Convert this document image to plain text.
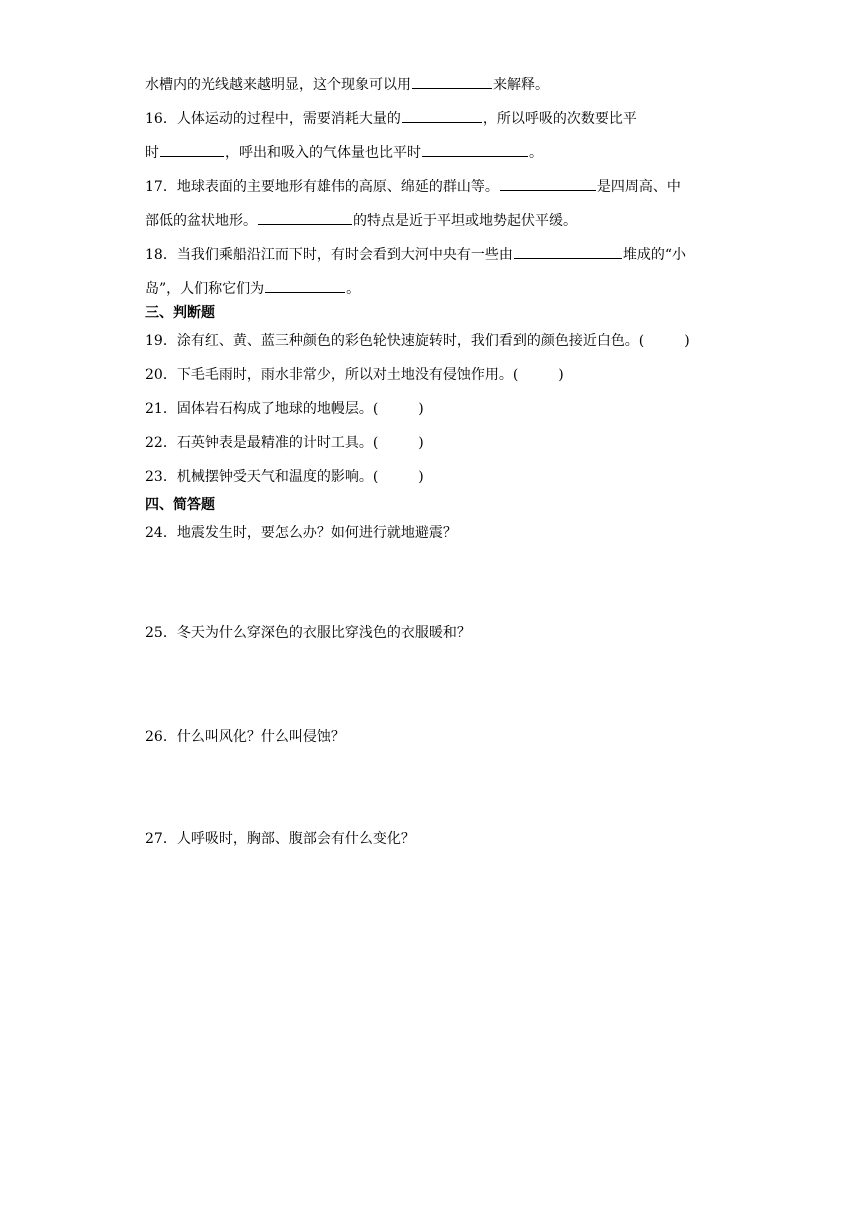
水槽内的光线越来越明显，这个现象可以用	来解释。
16．人体运动的过程中，需要消耗大量的	，所以呼吸的次数要比平
时	，呼出和吸入的气体量也比平时	。
17．地球表面的主要地形有雄伟的高原、绵延的群山等。	是四周高、中
部低的盆状地形。	的特点是近于平坦或地势起伏平缓。
18．当我们乘船沿江而下时，有时会看到大河中央有一些由	堆成的“小
岛”，人们称它们为	。
三、判断题
19．涂有红、黄、蓝三种颜色的彩色轮快速旋转时，我们看到的颜色接近白色。(	)
20．下毛毛雨时，雨水非常少，所以对土地没有侵蚀作用。(	)
21．固体岩石构成了地球的地幔层。(	)
22．石英钟表是最精准的计时工具。(	)
23．机械摆钟受天气和温度的影响。(	)
四、简答题
24．地震发生时，要怎么办？如何进行就地避震？
25．冬天为什么穿深色的衣服比穿浅色的衣服暖和？
26．什么叫风化？什么叫侵蚀？
27．人呼吸时，胸部、腹部会有什么变化？
